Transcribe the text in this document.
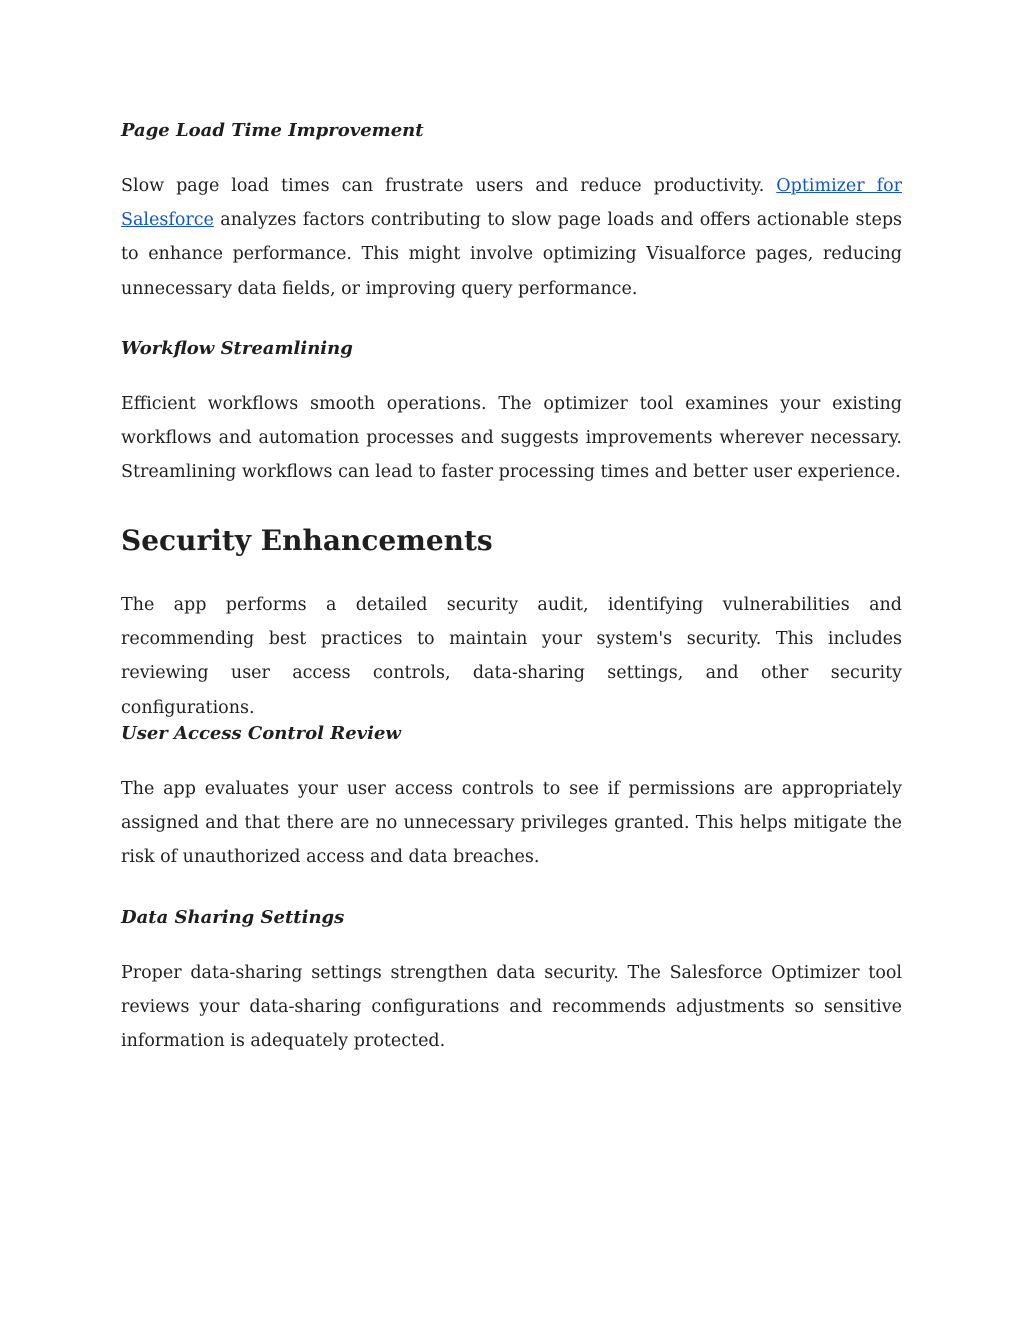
Page Load Time Improvement

Slow page load times can frustrate users and reduce productivity. Optimizer for Salesforce analyzes factors contributing to slow page loads and offers actionable steps to enhance performance. This might involve optimizing Visualforce pages, reducing unnecessary data fields, or improving query performance.

Workflow Streamlining

Efficient workflows smooth operations. The optimizer tool examines your existing workflows and automation processes and suggests improvements wherever necessary. Streamlining workflows can lead to faster processing times and better user experience.

Security Enhancements

The app performs a detailed security audit, identifying vulnerabilities and recommending best practices to maintain your system's security. This includes reviewing user access controls, data-sharing settings, and other security configurations.

User Access Control Review

The app evaluates your user access controls to see if permissions are appropriately assigned and that there are no unnecessary privileges granted. This helps mitigate the risk of unauthorized access and data breaches.

Data Sharing Settings

Proper data-sharing settings strengthen data security. The Salesforce Optimizer tool reviews your data-sharing configurations and recommends adjustments so sensitive information is adequately protected.
